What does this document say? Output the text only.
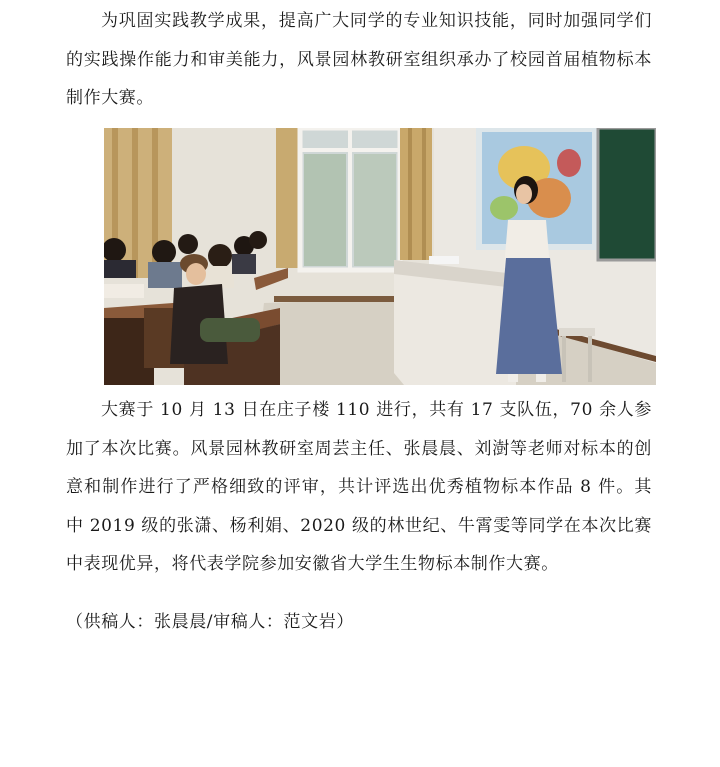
为巩固实践教学成果，提高广大同学的专业知识技能，同时加强同学们的实践操作能力和审美能力，风景园林教研室组织承办了校园首届植物标本制作大赛。

大赛于 10 月 13 日在庄子楼 110 进行，共有 17 支队伍，70 余人参加了本次比赛。风景园林教研室周芸主任、张晨晨、刘澍等老师对标本的创意和制作进行了严格细致的评审，共计评选出优秀植物标本作品 8 件。其中 2019 级的张潇、杨利娟、2020 级的林世纪、牛霄雯等同学在本次比赛中表现优异，将代表学院参加安徽省大学生生物标本制作大赛。

（供稿人：张晨晨/审稿人：范文岩）
